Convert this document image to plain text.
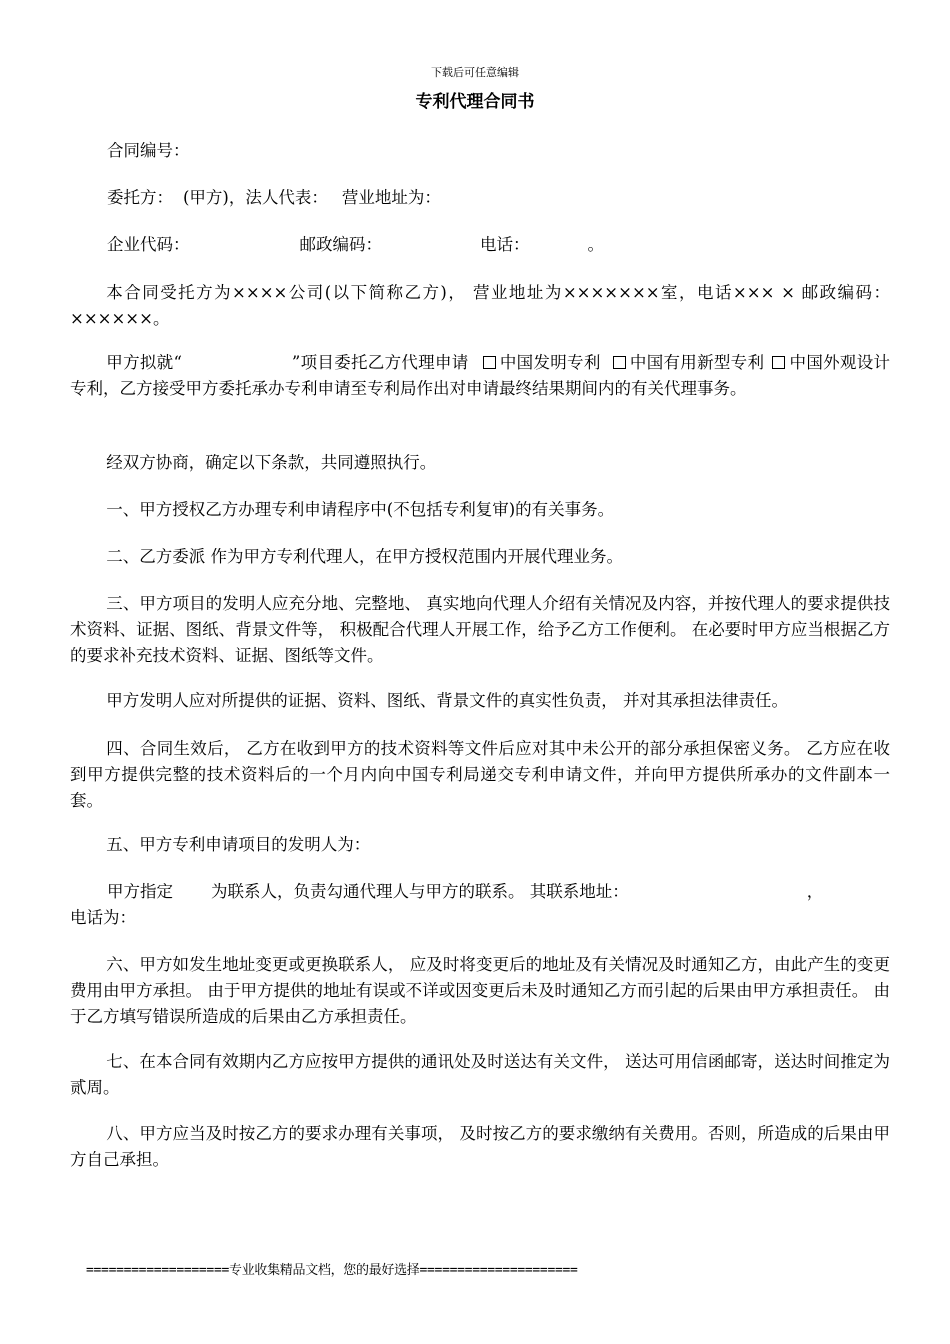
下载后可任意编辑
专利代理合同书
合同编号：
委托方： (甲方)，法人代表： 营业地址为：
企业代码：	邮政编码：	电话：	。

本合同受托方为××××公司(以下简称乙方)， 营业地址为×××××××室，电话××× × 邮政编码：××××××。

甲方拟就“	”项目委托乙方代理申请 中国发明专利 中国有用新型专利 中国外观设计专利，乙方接受甲方委托承办专利申请至专利局作出对申请最终结果期间内的有关代理事务。

经双方协商，确定以下条款，共同遵照执行。

一、甲方授权乙方办理专利申请程序中(不包括专利复审)的有关事务。

二、乙方委派 作为甲方专利代理人，在甲方授权范围内开展代理业务。

三、甲方项目的发明人应充分地、完整地、 真实地向代理人介绍有关情况及内容，并按代理人的要求提供技术资料、证据、图纸、背景文件等， 积极配合代理人开展工作，给予乙方工作便利。 在必要时甲方应当根据乙方的要求补充技术资料、证据、图纸等文件。

甲方发明人应对所提供的证据、资料、图纸、背景文件的真实性负责， 并对其承担法律责任。

四、合同生效后， 乙方在收到甲方的技术资料等文件后应对其中未公开的部分承担保密义务。 乙方应在收到甲方提供完整的技术资料后的一个月内向中国专利局递交专利申请文件，并向甲方提供所承办的文件副本一套。

五、甲方专利申请项目的发明人为：

甲方指定 为联系人，负责勾通代理人与甲方的联系。 其联系地址：	，
电话为：

六、甲方如发生地址变更或更换联系人， 应及时将变更后的地址及有关情况及时通知乙方，由此产生的变更费用由甲方承担。 由于甲方提供的地址有误或不详或因变更后未及时通知乙方而引起的后果由甲方承担责任。 由于乙方填写错误所造成的后果由乙方承担责任。

七、在本合同有效期内乙方应按甲方提供的通讯处及时送达有关文件， 送达可用信函邮寄，送达时间推定为贰周。

八、甲方应当及时按乙方的要求办理有关事项， 及时按乙方的要求缴纳有关费用。否则，所造成的后果由甲方自己承担。

===================专业收集精品文档，您的最好选择=====================
